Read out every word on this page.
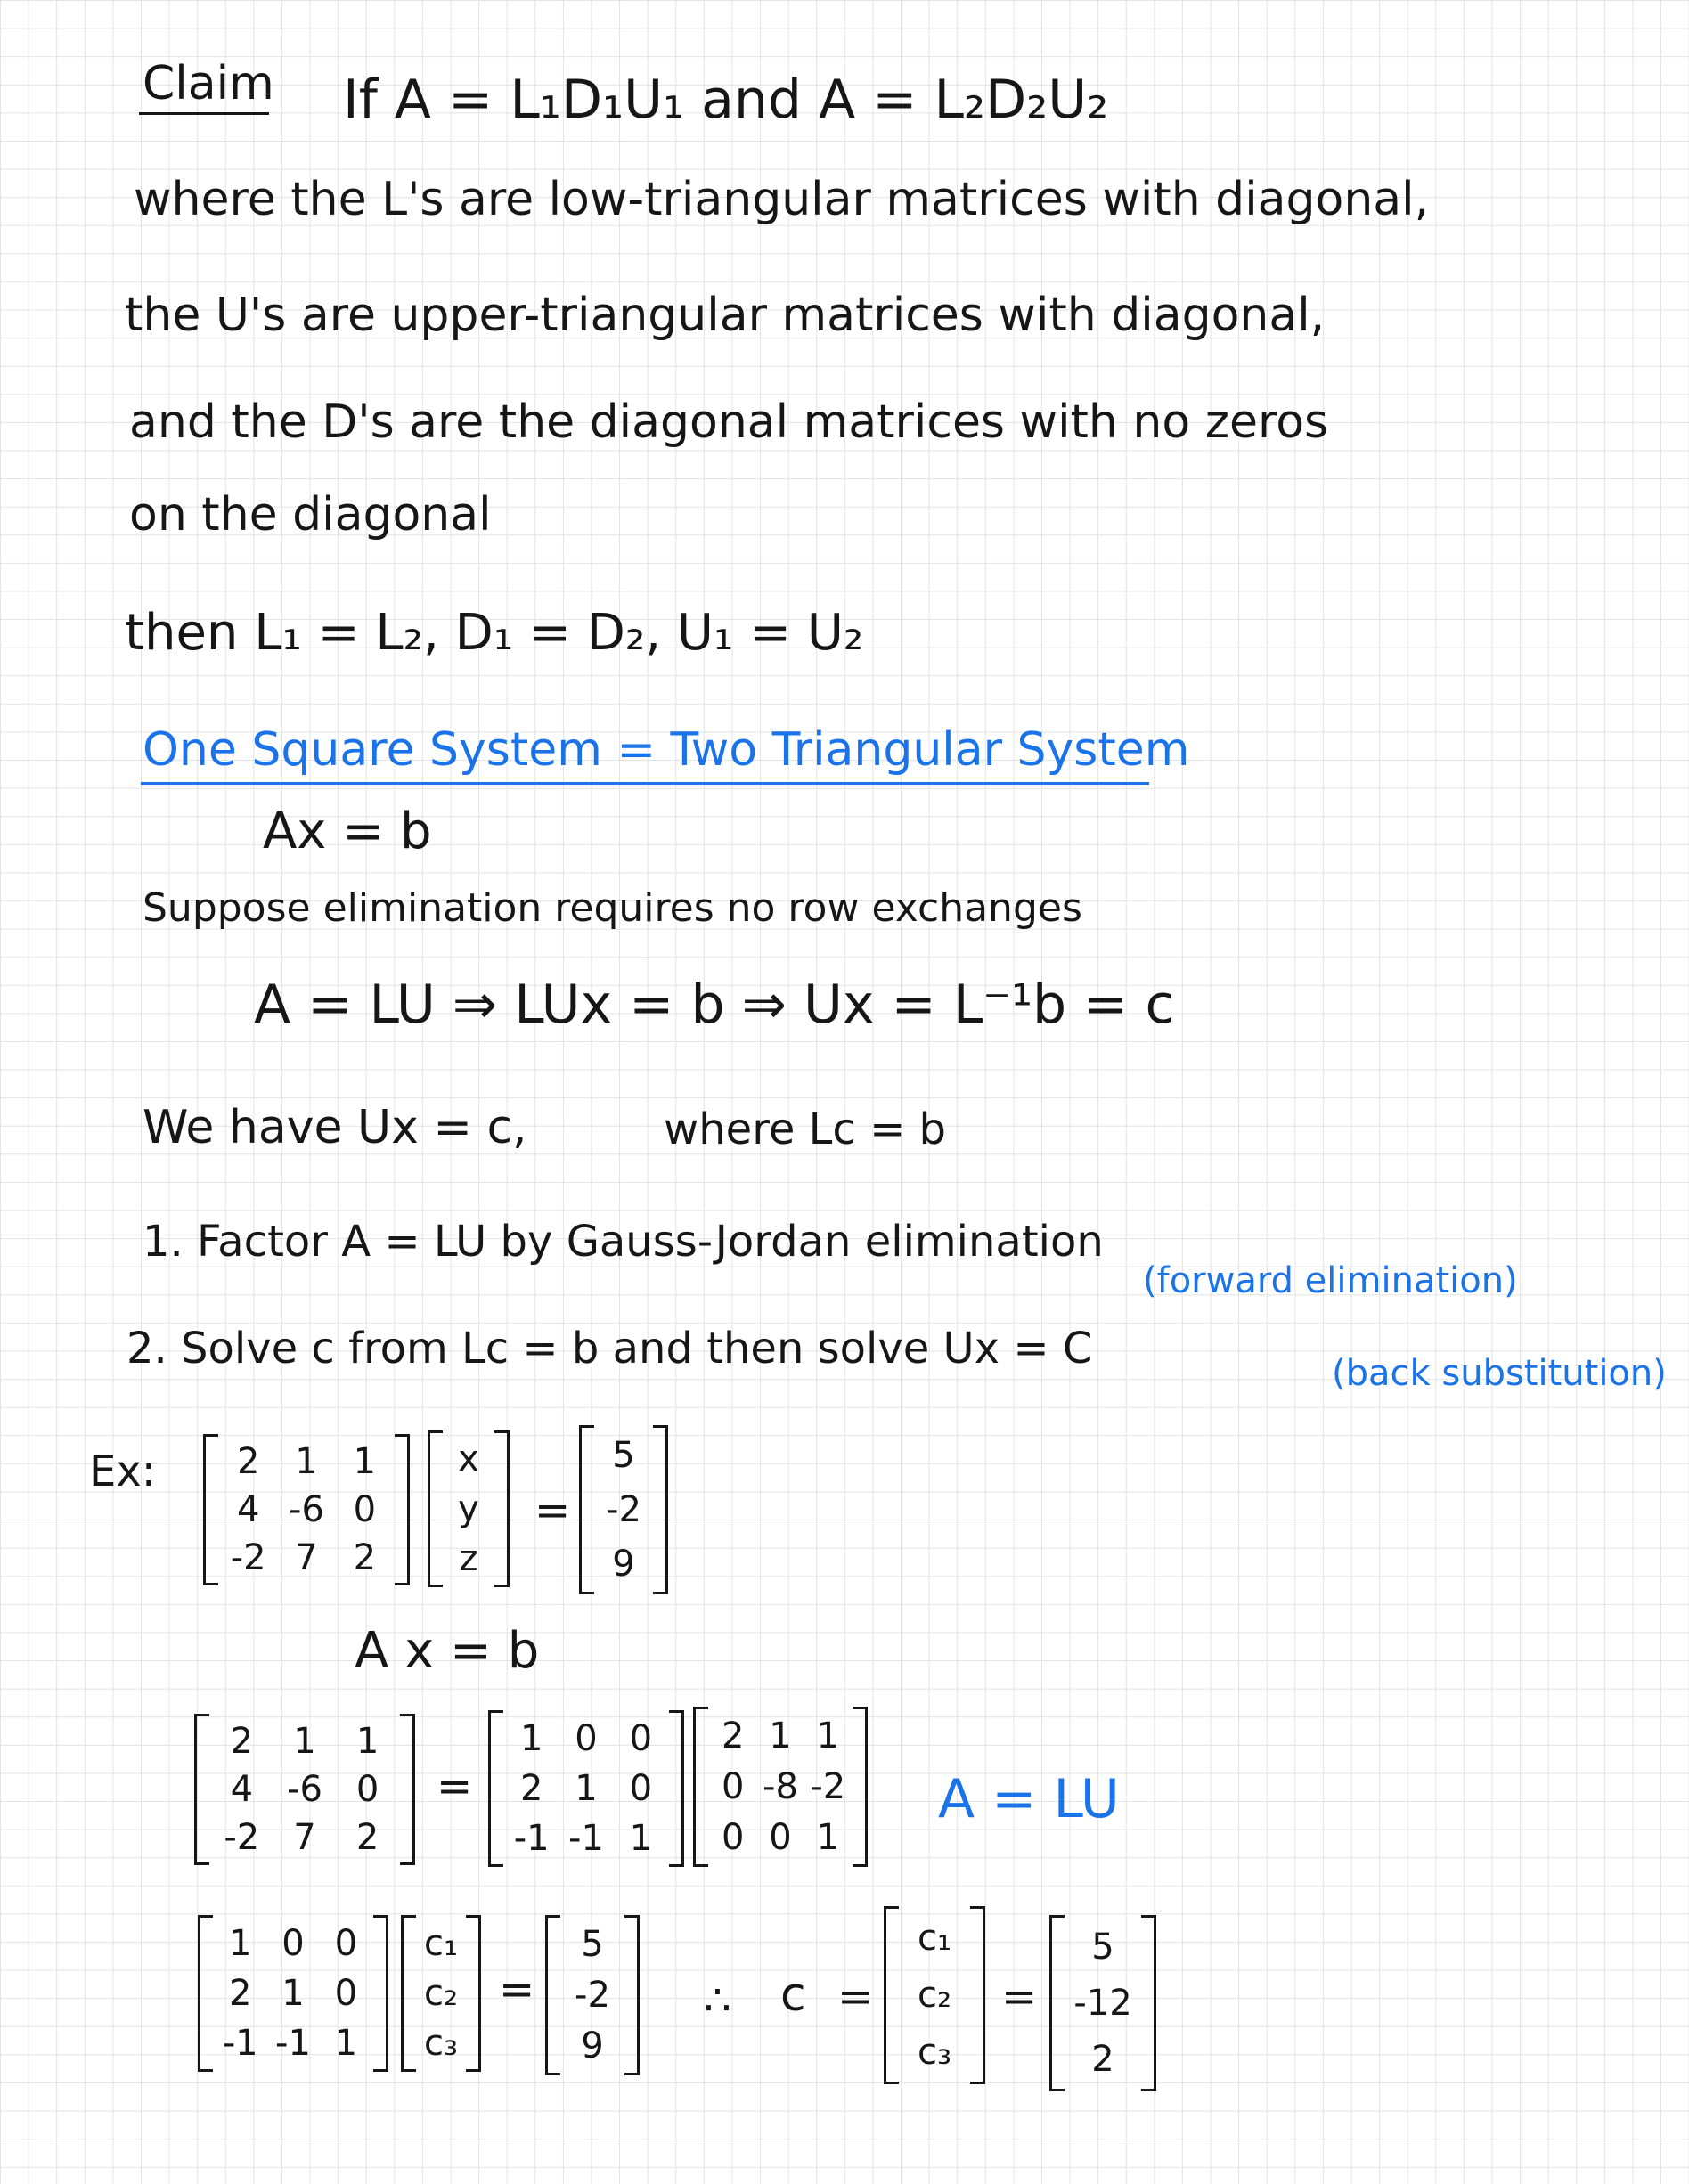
Claim If A = L₁D₁U₁ and A = L₂D₂U₂
where the L's are low-triangular matrices with diagonal,
the U's are upper-triangular matrices with diagonal,
and the D's are the diagonal matrices with no zeros
on the diagonal
then L₁ = L₂, D₁ = D₂, U₁ = U₂
One Square System = Two Triangular System
Ax = b
Suppose elimination requires no row exchanges
A = LU ⇒ LUx = b ⇒ Ux = L⁻¹b = c
We have Ux = c,	where Lc = b
1. Factor A = LU by Gauss-Jordan elimination
(forward elimination)
2. Solve c from Lc = b and then solve Ux = C	(back substitution)
Ex: 2 1 1
4 -6 0
-2 7 2
x
y
z
=
5
-2
9
A x = b
2 1 1
4 -6 0
-2 7 2
=
1 0 0
2 1 0
-1 -1 1
2 1 1
0 -8 -2
0 0 1
A = LU
1 0 0
2 1 0
-1 -1 1
c₁
c₂
c₃
=
5
-2
9
∴ c =
c₁
c₂
c₃
=
5
-12
2
